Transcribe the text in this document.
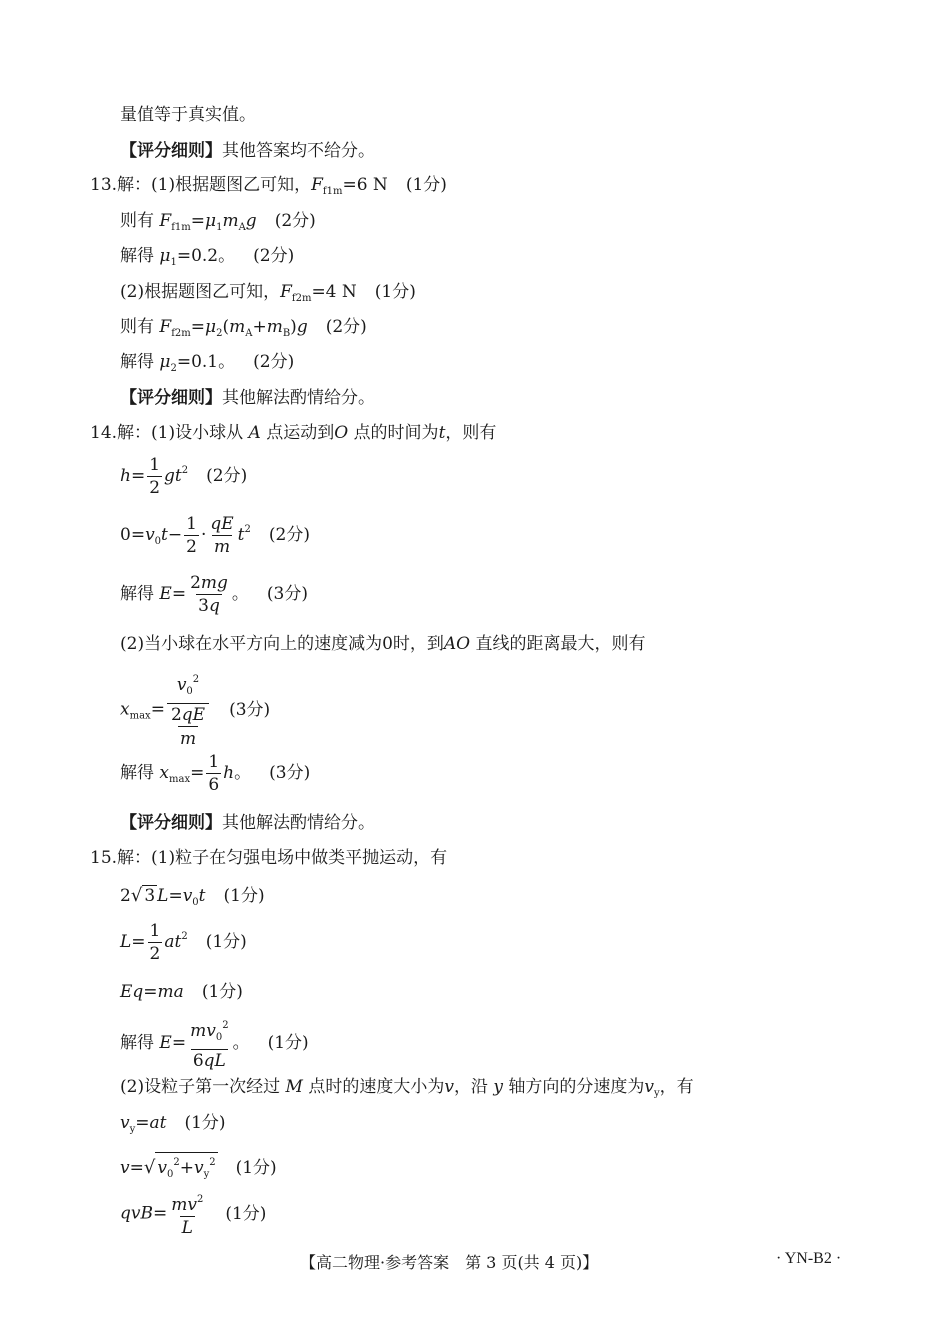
量值等于真实值。
【评分细则】其他答案均不给分。
13.解：(1)根据题图乙可知，$F_{f1m}=6$ N (1分)
则有 $F_{f1m}=\mu_1m_Ag$ (2分)
解得 $\mu_1=0.2$。 (2分)
(2)根据题图乙可知，$F_{f2m}=4$ N (1分)
则有 $F_{f2m}=\mu_2(m_A+m_B)g$ (2分)
解得 $\mu_2=0.1$。 (2分)
【评分细则】其他解法酌情给分。
14.解：(1)设小球从 A 点运动到O 点的时间为t，则有
$h= \frac{1}{2} gt^2$ (2分)
$0=v_0t- \frac{1}{2} \cdot \frac{qE}{m} t^2$ (2分)
解得 $E= \frac{2mg}{3q}$ 。 (3分)
(2)当小球在水平方向上的速度减为0时，到AO 直线的距离最大，则有
$x_{max}= \frac{v_0^2}{\frac{2qE}{m}} (3$分)
解得 $x_{max}= \frac{1}{6}$ h。 (3分)
【评分细则】其他解法酌情给分。
15.解：(1)粒子在匀强电场中做类平抛运动，有
2√ 3 $L=v_0t$ (1分)
$L= \frac{1}{2} at^2$ (1分)
Eq=ma (1分)
解得 $E= \frac{mv_0^2}{6qL}$ 。 (1分)
(2)设粒子第一次经过 M 点时的速度大小为v，沿 y 轴方向的分速度为$v_y$，有
$v_y=at$ (1分)
v=√ $v_0^2+v_y^2$ (1分)
$qvB= \frac{mv^2}{L} (1$分)
【高二物理·参考答案　第 3 页(共 4 页)】	· YN-B2 ·
